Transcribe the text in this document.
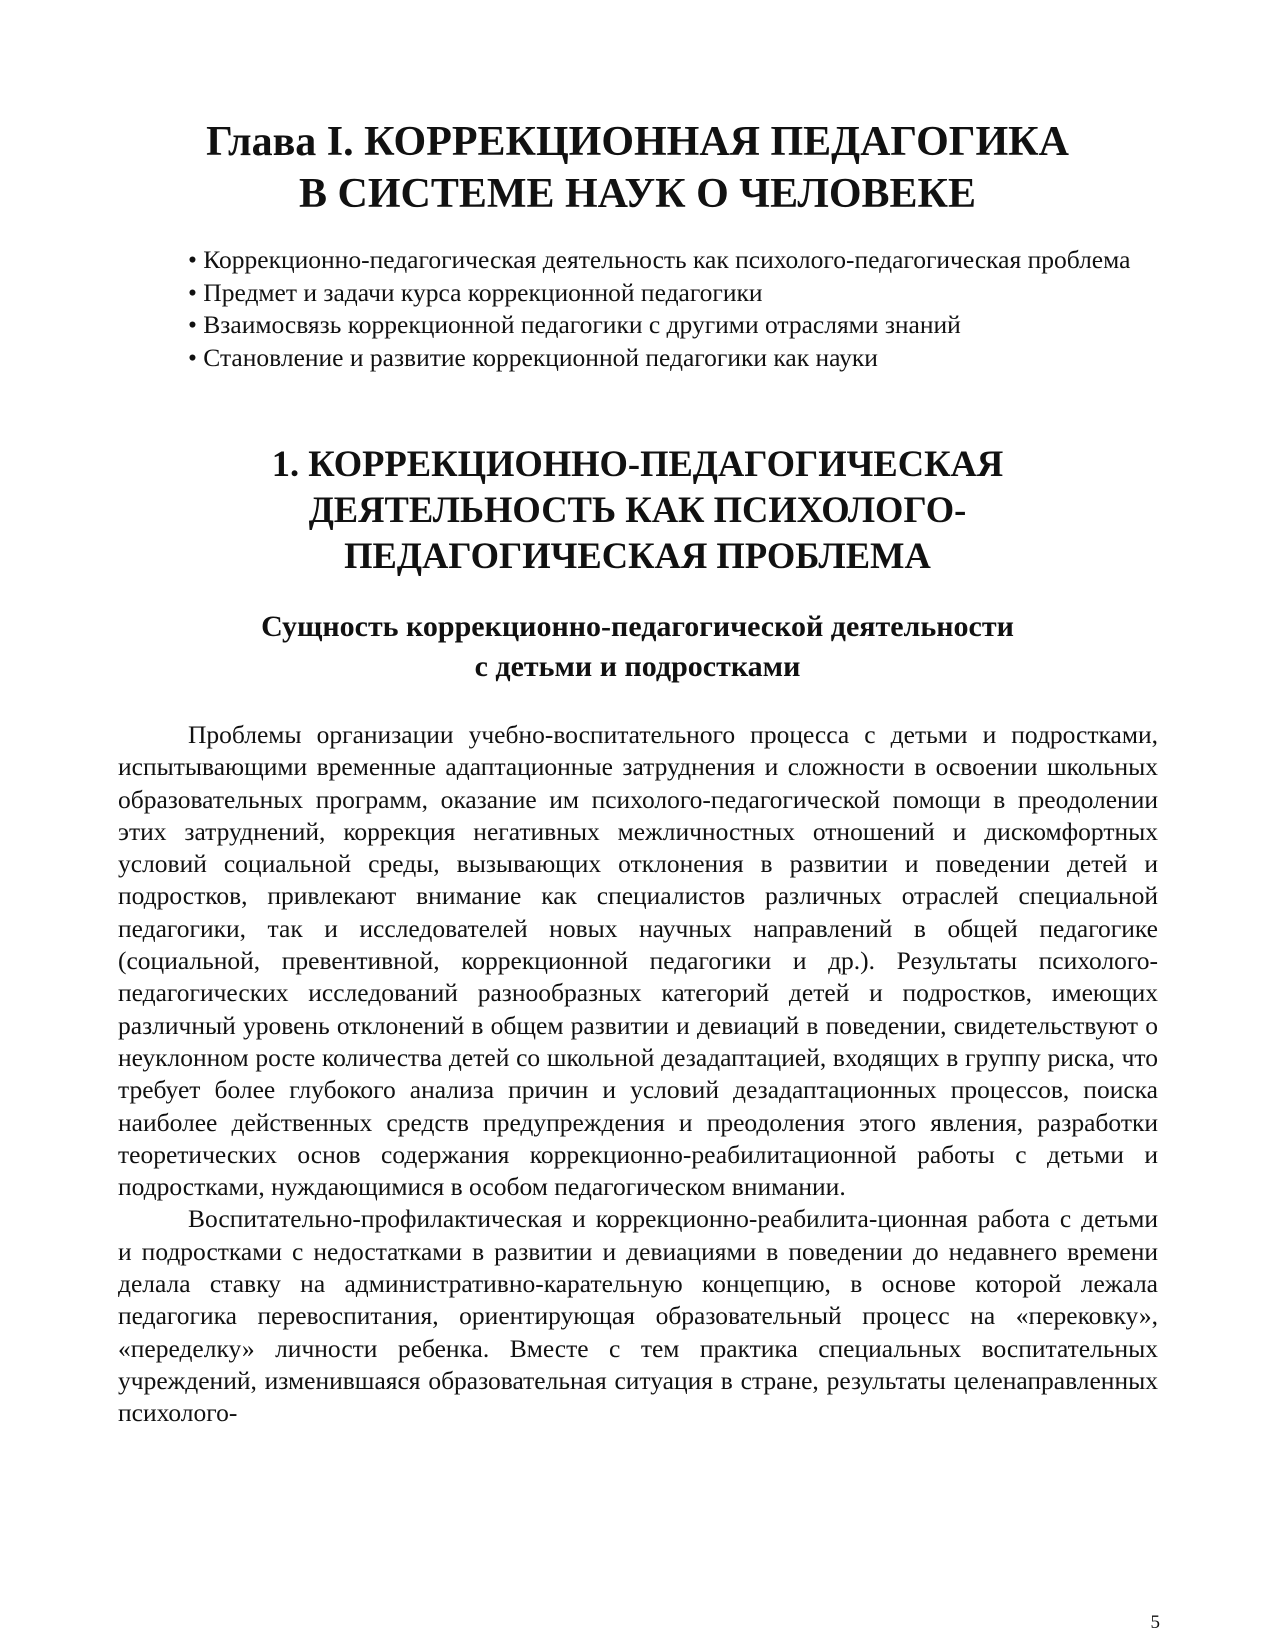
Глава I. КОРРЕКЦИОННАЯ ПЕДАГОГИКА
В СИСТЕМЕ НАУК О ЧЕЛОВЕКЕ
• Коррекционно-педагогическая деятельность как психолого-педагогическая проблема
• Предмет и задачи курса коррекционной педагогики
• Взаимосвязь коррекционной педагогики с другими отраслями знаний
• Становление и развитие коррекционной педагогики как науки
1. КОРРЕКЦИОННО-ПЕДАГОГИЧЕСКАЯ
ДЕЯТЕЛЬНОСТЬ КАК ПСИХОЛОГО-
ПЕДАГОГИЧЕСКАЯ ПРОБЛЕМА
Сущность коррекционно-педагогической деятельности
с детьми и подростками

Проблемы организации учебно-воспитательного процесса с детьми и подростками, испытывающими временные адаптационные затруднения и сложности в освоении школьных образовательных программ, оказание им психолого-педагогической помощи в преодолении этих затруднений, коррекция негативных межличностных отношений и дискомфортных условий социальной среды, вызывающих отклонения в развитии и поведении детей и подростков, привлекают внимание как специалистов различных отраслей специальной педагогики, так и исследователей новых научных направлений в общей педагогике (социальной, превентивной, коррекционной педагогики и др.). Результаты психолого-педагогических исследований разнообразных категорий детей и подростков, имеющих различный уровень отклонений в общем развитии и девиаций в поведении, свидетельствуют о неуклонном росте количества детей со школьной дезадаптацией, входящих в группу риска, что требует более глубокого анализа причин и условий дезадаптационных процессов, поиска наиболее действенных средств предупреждения и преодоления этого явления, разработки теоретических основ содержания коррекционно-реабилитационной работы с детьми и подростками, нуждающимися в особом педагогическом внимании.

Воспитательно-профилактическая и коррекционно-реабилита-ционная работа с детьми и подростками с недостатками в развитии и девиациями в поведении до недавнего времени делала ставку на административно-карательную концепцию, в основе которой лежала педагогика перевоспитания, ориентирующая образовательный процесс на «перековку», «переделку» личности ребенка. Вместе с тем практика специальных воспитательных учреждений, изменившаяся образовательная ситуация в стране, результаты целенаправленных психолого-

5
